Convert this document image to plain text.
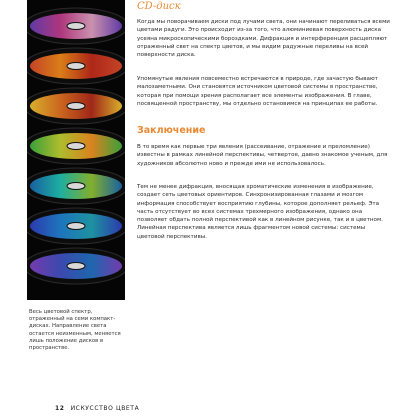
Весь цветовой спектр, отраженный на семи компакт-дисках. Направление света остается неизменным, меняется лишь положение дисков в пространстве.
CD-диск

Когда мы поворачиваем диски под лучами света, они начинают переливаться всеми цветами радуги. Это происходит из-за того, что алюминиевая поверхность диска усеяна микроскопическими бороздками. Дифракция и интерференция расщепляют отраженный свет на спектр цветов, и мы видим радужные переливы на всей поверхности диска.

Упомянутые явления повсеместно встречаются в природе, где зачастую бывают малозаметными. Они становятся источником цветовой системы в пространстве, которая при помощи зрения располагает все элементы изображения. В главе, посвященной пространству, мы отдельно остановимся на принципах ее работы.

Заключение

В то время как первые три явления (рассеивание, отражение и преломление) известны в рамках линейной перспективы, четвертое, давно знакомое ученым, для художников абсолютно ново и прежде ими не использовалось.

Тем не менее дифракция, вносящая хроматические изменения в изображение, создает сеть цветовых ориентиров. Синхронизированная глазами и мозгом информация способствует восприятию глубины, которое дополняет рельеф. Эта часть отсутствует во всех системах трехмерного изображения, однако она позволяет обдать полной перспективой как в линейном рисунке, так и в цветном. Линейная перспектива является лишь фрагментом новой системы: системы цветовой перспективы.

12 ИСКУССТВО ЦВЕТА
